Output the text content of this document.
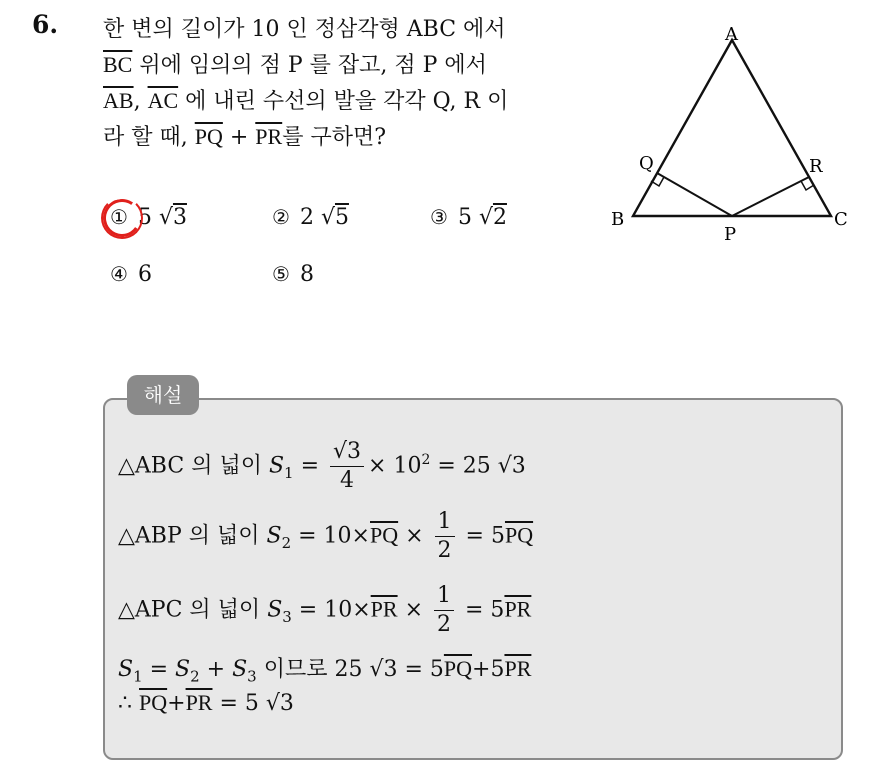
6. 한 변의 길이가 10 인 정삼각형 ABC 에서
$\overline{BC}$ 위에 임의의 점 P 를 잡고, 점 P 에서
$\overline{AB}$, $\overline{AC}$ 에 내린 수선의 발을 각각 Q, R 이
라 할 때, $\overline{PQ} + \overline{PR}$를 구하면?
① 5 √3	② 2 √5	③ 5 √2
④ 6	⑤ 8
A
B	C
P
Q	R
해설
△ABC 의 넓이 $S_1 = \frac{√3}{4} \times 10^2 = 25$ √3
△ABP 의 넓이 $S_2 = 10\times\overline{PQ} \times \frac{1}{2} = 5\overline{PQ}$
△APC 의 넓이 $S_3 = 10\times\overline{PR} \times \frac{1}{2} = 5\overline{PR}$
$S_1 = S_2 + S_3$ 이므로 25 $√3 = 5\overline{PQ}+5\overline{PR}$
∴ $\overline{PQ}+\overline{PR} = 5$ √3
